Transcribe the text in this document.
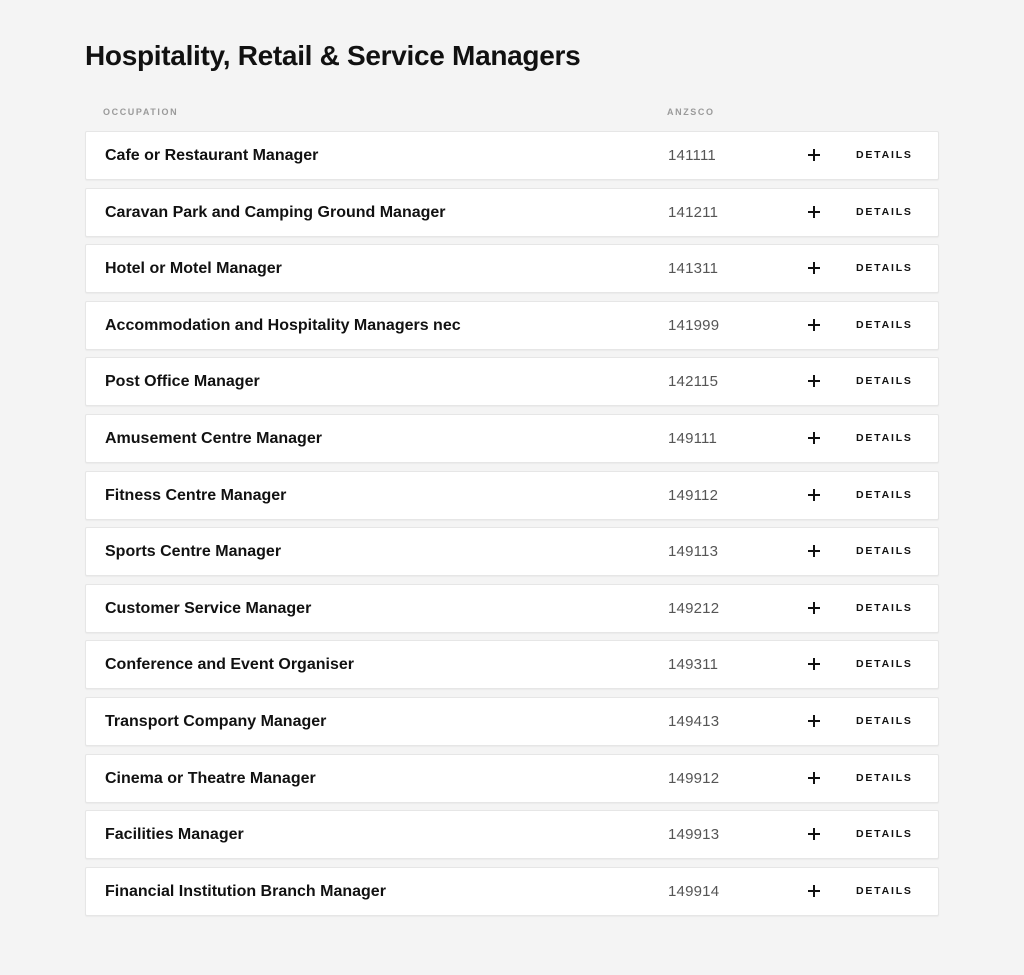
Hospitality, Retail & Service Managers
OCCUPATION	ANZSCO
Cafe or Restaurant Manager	141111	DETAILS
Caravan Park and Camping Ground Manager	141211	DETAILS
Hotel or Motel Manager	141311	DETAILS
Accommodation and Hospitality Managers nec	141999	DETAILS
Post Office Manager	142115	DETAILS
Amusement Centre Manager	149111	DETAILS
Fitness Centre Manager	149112	DETAILS
Sports Centre Manager	149113	DETAILS
Customer Service Manager	149212	DETAILS
Conference and Event Organiser	149311	DETAILS
Transport Company Manager	149413	DETAILS
Cinema or Theatre Manager	149912	DETAILS
Facilities Manager	149913	DETAILS
Financial Institution Branch Manager	149914	DETAILS
